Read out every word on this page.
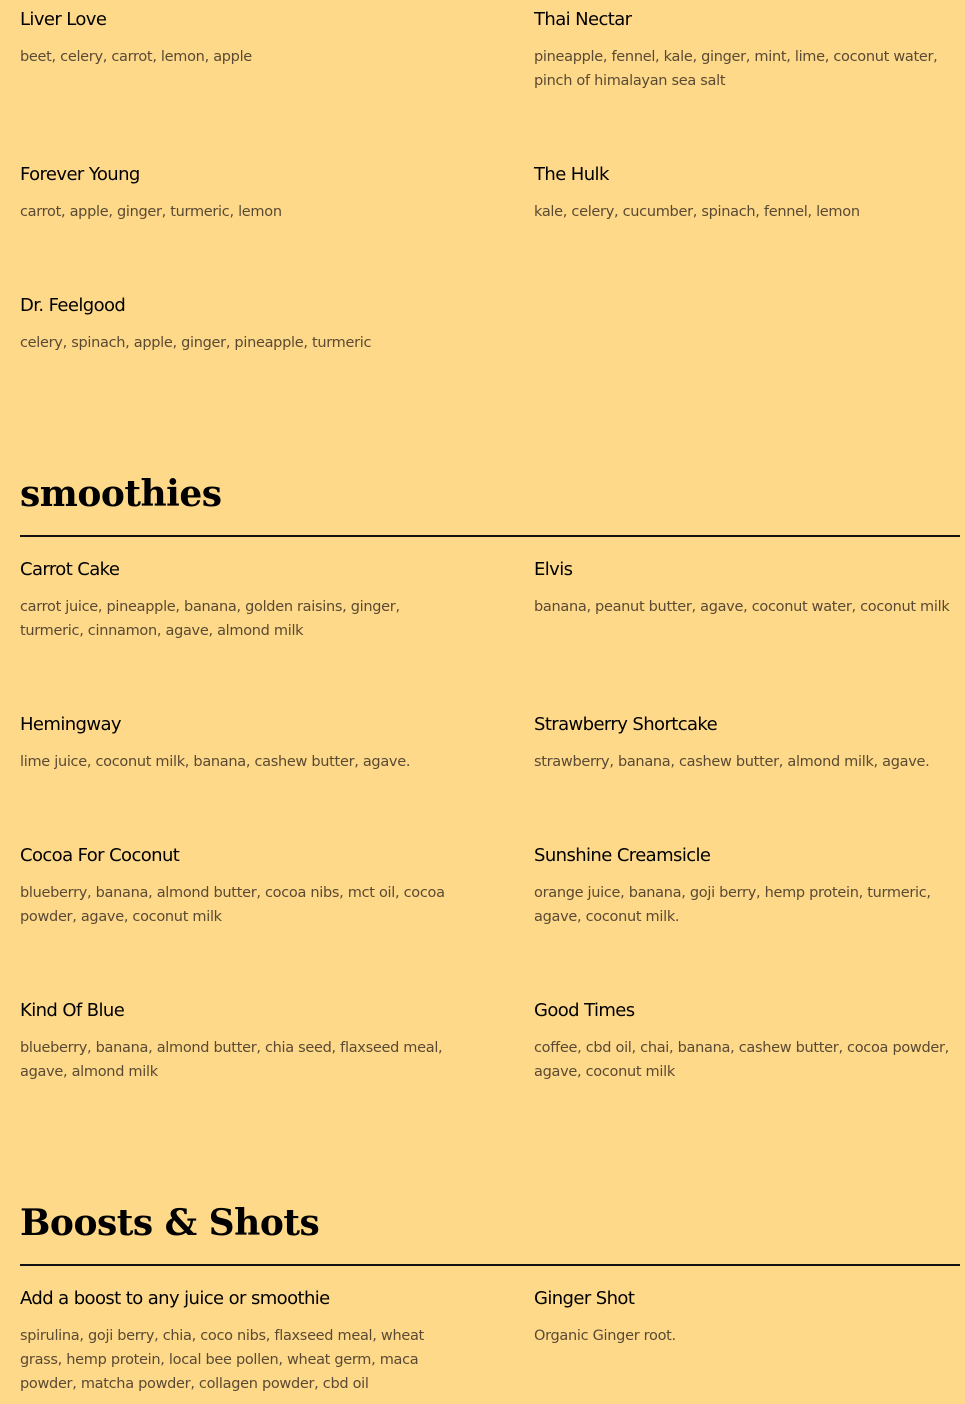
Liver Love
beet, celery, carrot, lemon, apple
Thai Nectar
pineapple, fennel, kale, ginger, mint, lime, coconut water, pinch of himalayan sea salt
Forever Young
carrot, apple, ginger, turmeric, lemon
The Hulk
kale, celery, cucumber, spinach, fennel, lemon
Dr. Feelgood
celery, spinach, apple, ginger, pineapple, turmeric
smoothies
Carrot Cake
carrot juice, pineapple, banana, golden raisins, ginger, turmeric, cinnamon, agave, almond milk
Elvis
banana, peanut butter, agave, coconut water, coconut milk
Hemingway
lime juice, coconut milk, banana, cashew butter, agave.
Strawberry Shortcake
strawberry, banana, cashew butter, almond milk, agave.
Cocoa For Coconut
blueberry, banana, almond butter, cocoa nibs, mct oil, cocoa powder, agave, coconut milk
Sunshine Creamsicle
orange juice, banana, goji berry, hemp protein, turmeric, agave, coconut milk.
Kind Of Blue
blueberry, banana, almond butter, chia seed, flaxseed meal, agave, almond milk
Good Times
coffee, cbd oil, chai, banana, cashew butter, cocoa powder, agave, coconut milk
Boosts & Shots
Add a boost to any juice or smoothie
spirulina, goji berry, chia, coco nibs, flaxseed meal, wheat grass, hemp protein, local bee pollen, wheat germ, maca powder, matcha powder, collagen powder, cbd oil
Ginger Shot
Organic Ginger root.
